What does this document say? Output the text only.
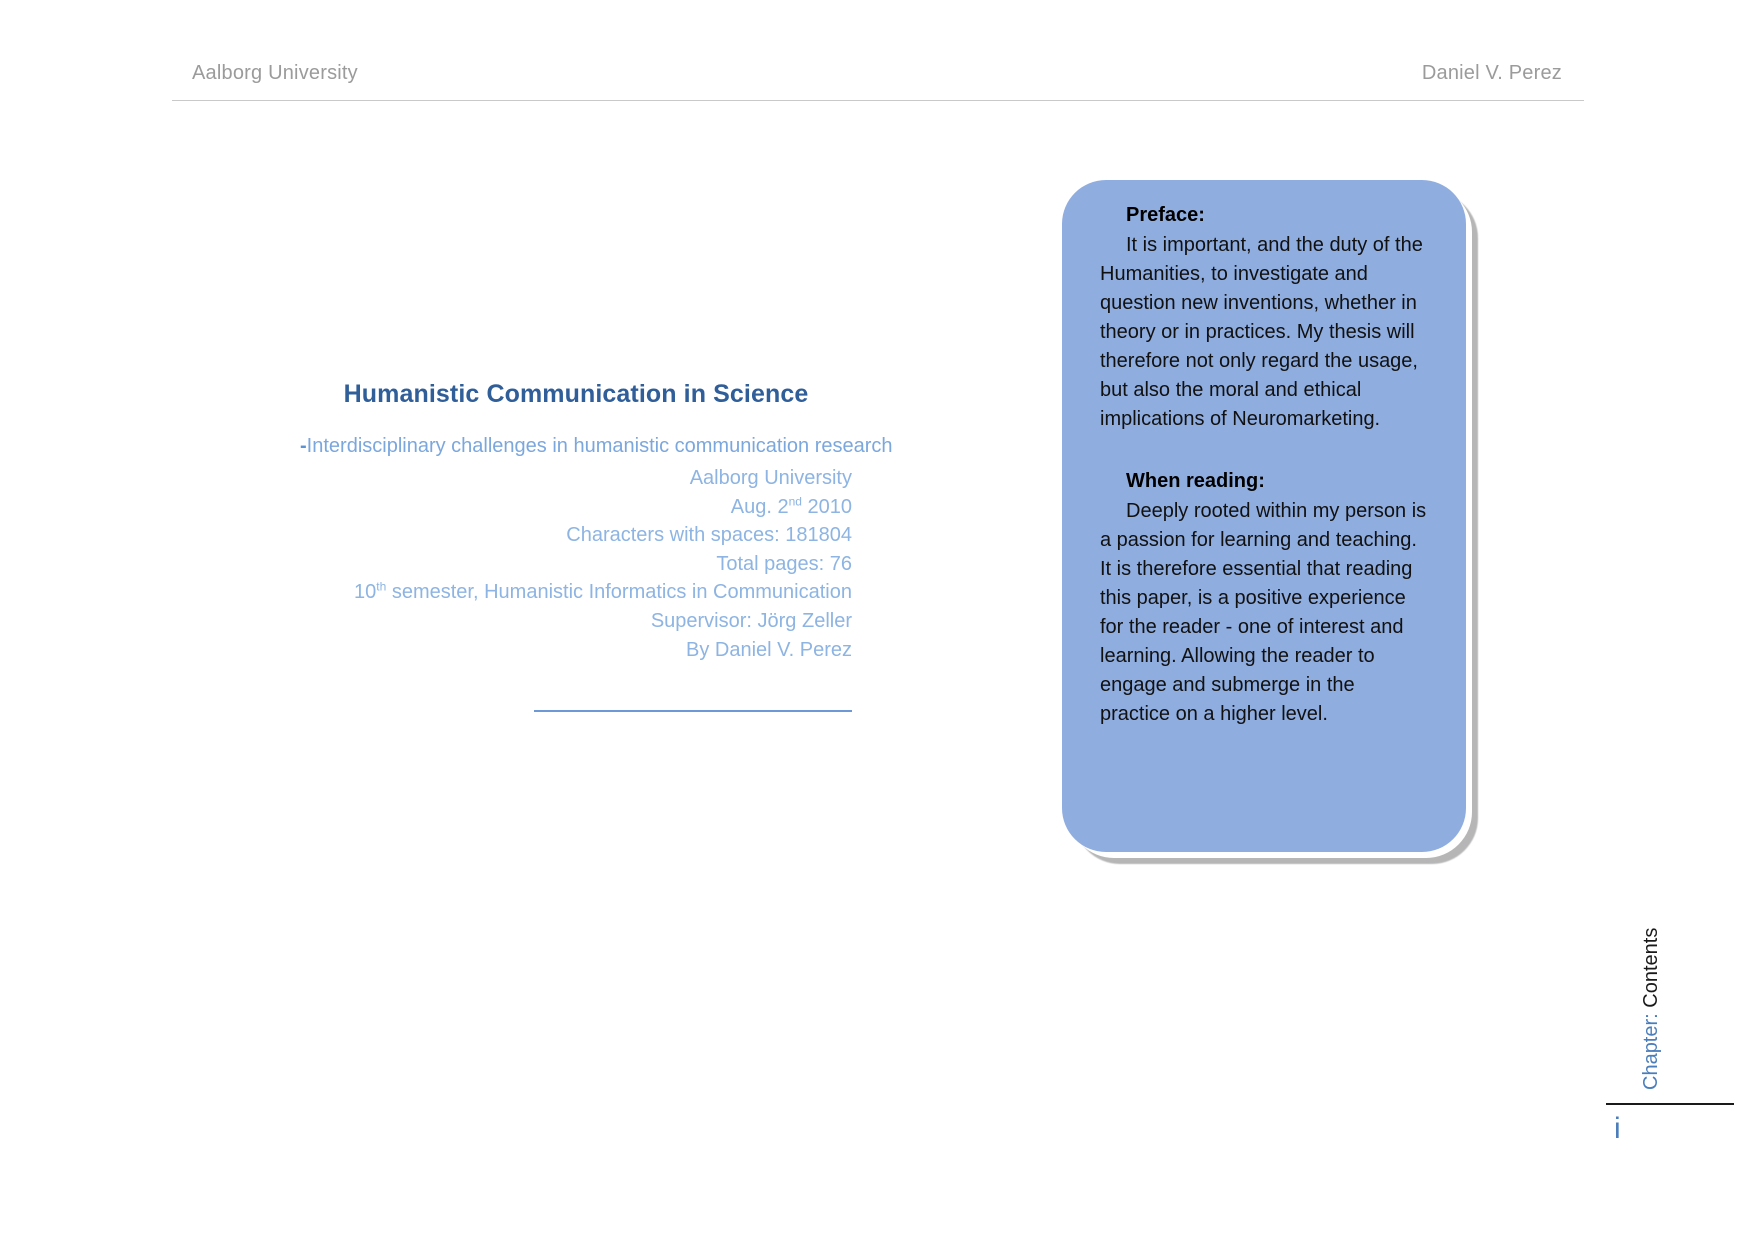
Aalborg University	Daniel V. Perez
Humanistic Communication in Science
-Interdisciplinary challenges in humanistic communication research
Aalborg University
Aug. 2nd 2010
Characters with spaces: 181804
Total pages: 76
10th semester, Humanistic Informatics in Communication
Supervisor: Jörg Zeller
By Daniel V. Perez
Preface:

It is important, and the duty of the Humanities, to investigate and question new inventions, whether in theory or in practices. My thesis will therefore not only regard the usage, but also the moral and ethical implications of Neuromarketing.

When reading:

Deeply rooted within my person is a passion for learning and teaching. It is therefore essential that reading this paper, is a positive experience for the reader - one of interest and learning. Allowing the reader to engage and submerge in the practice on a higher level.

Chapter: Contents
i
